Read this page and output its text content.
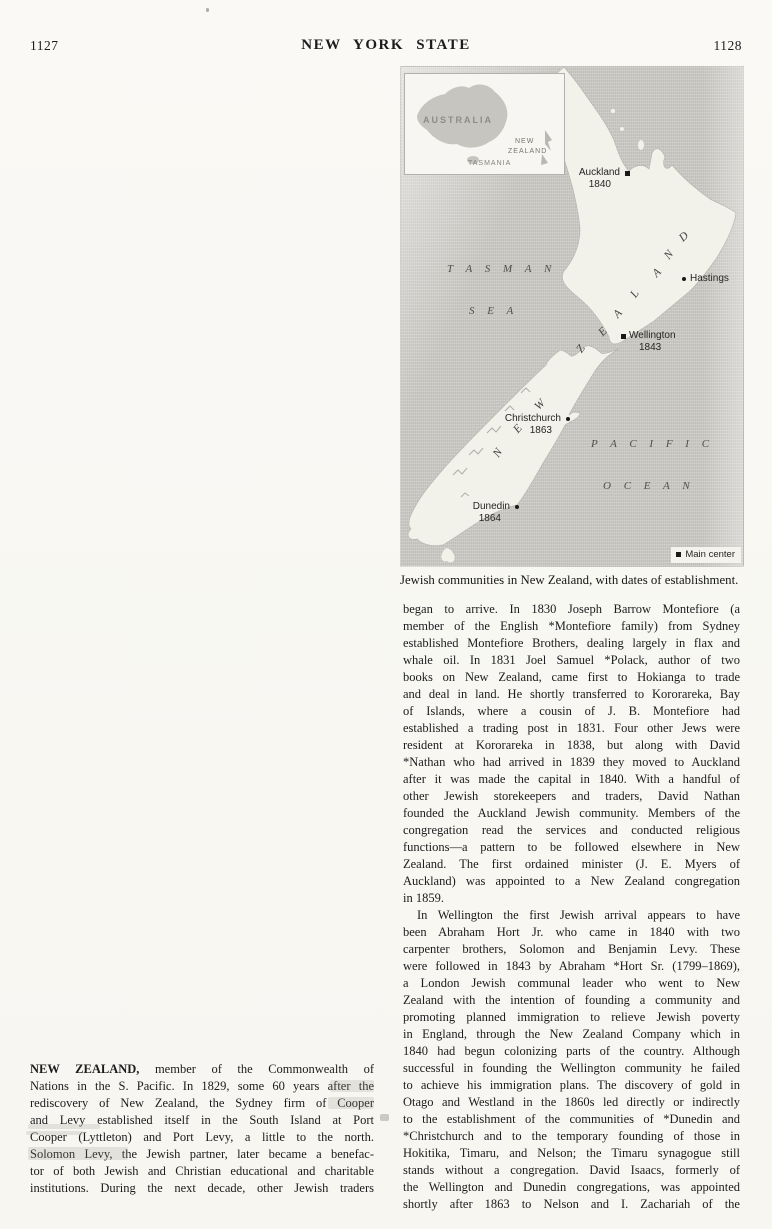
1127	NEW YORK STATE	1128
AUSTRALIA
NEW
ZEALAND
TASMANIA
T A S M A N
S E A
P A C I F I C
O C E A N
N
E
W
Z
E
A
L
A
N
D
Auckland
1840
Hastings
Wellington
1843
Christchurch
1863
Dunedin
1864
Main center
Jewish communities in New Zealand, with dates of establishment.
began to arrive. In 1830 Joseph Barrow Montefiore (a
member of the English *Montefiore family) from Sydney
established Montefiore Brothers, dealing largely in flax and
whale oil. In 1831 Joel Samuel *Polack, author of two
books on New Zealand, came first to Hokianga to trade
and deal in land. He shortly transferred to Kororareka, Bay
of Islands, where a cousin of J. B. Montefiore had
established a trading post in 1831. Four other Jews were
resident at Kororareka in 1838, but along with David
*Nathan who had arrived in 1839 they moved to Auckland
after it was made the capital in 1840. With a handful of
other Jewish storekeepers and traders, David Nathan
founded the Auckland Jewish community. Members of the
congregation read the services and conducted religious
functions—a pattern to be followed elsewhere in New
Zealand. The first ordained minister (J. E. Myers of
Auckland) was appointed to a New Zealand congregation
in 1859.
In Wellington the first Jewish arrival appears to have
been Abraham Hort Jr. who came in 1840 with two
carpenter brothers, Solomon and Benjamin Levy. These
were followed in 1843 by Abraham *Hort Sr. (1799–1869),
a London Jewish communal leader who went to New
Zealand with the intention of founding a community and
promoting planned immigration to relieve Jewish poverty
in England, through the New Zealand Company which in
1840 had begun colonizing parts of the country. Although
successful in founding the Wellington community he failed
to achieve his immigration plans. The discovery of gold in
Otago and Westland in the 1860s led directly or indirectly
to the establishment of the communities of *Dunedin and
*Christchurch and to the temporary founding of those in
Hokitika, Timaru, and Nelson; the Timaru synagogue still
stands without a congregation. David Isaacs, formerly of
the Wellington and Dunedin congregations, was appointed
shortly after 1863 to Nelson and I. Zachariah of the
NEW ZEALAND, member of the Commonwealth of
Nations in the S. Pacific. In 1829, some 60 years after the
rediscovery of New Zealand, the Sydney firm of Cooper
and Levy established itself in the South Island at Port
Cooper (Lyttleton) and Port Levy, a little to the north.
Solomon Levy, the Jewish partner, later became a benefac-
tor of both Jewish and Christian educational and charitable
institutions. During the next decade, other Jewish traders
